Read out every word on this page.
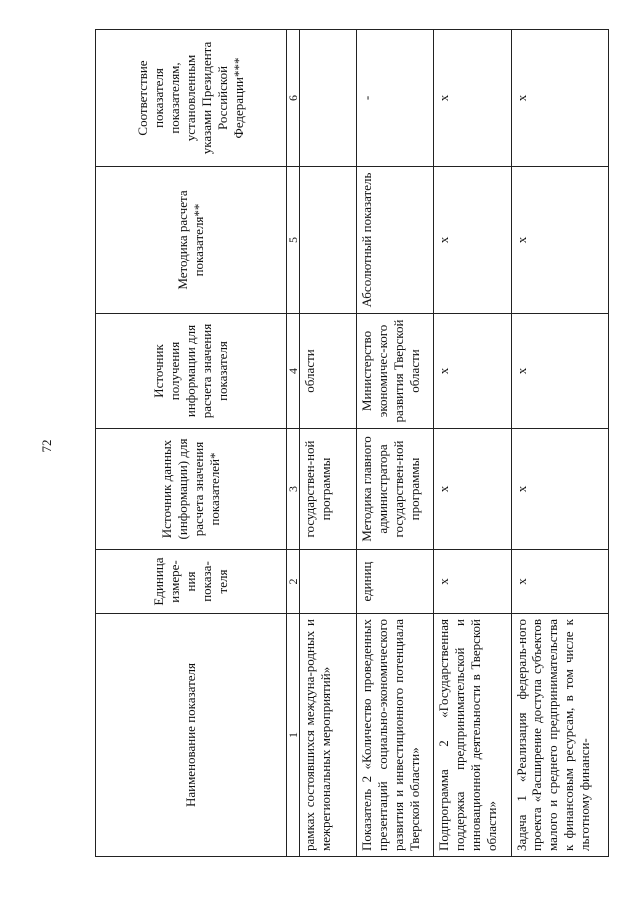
72
Наименование показателя	Единица измере-ния показа-теля	Источник данных (информации) для расчета значения показателей*	Источник получения информации для расчета значения показателя	Методика расчета показателя**	Соответствие показателя показателям, установленным указами Президента Российской Федерации***
1	2	3	4	5	6
рамках состоявшихся междуна-родных и межрегиональных мероприятий»		государствен-ной программы	области		
Показатель 2 «Количество проведенных презентаций социально-экономического развития и инвестиционного потенциала Тверской области»	единиц	Методика главного администратора государствен-ной программы	Министерство экономичес-кого развития Тверской области	Абсолютный показатель	-
Подпрограмма 2 «Государственная поддержка предпринимательской и инновационной деятельности в Тверской области»	х	х	х	х	х
Задача 1 «Реализация федераль-ного проекта «Расширение доступа субъектов малого и среднего предпринимательства к финансовым ресурсам, в том числе к льготному финанси-	х	х	х	х	х
